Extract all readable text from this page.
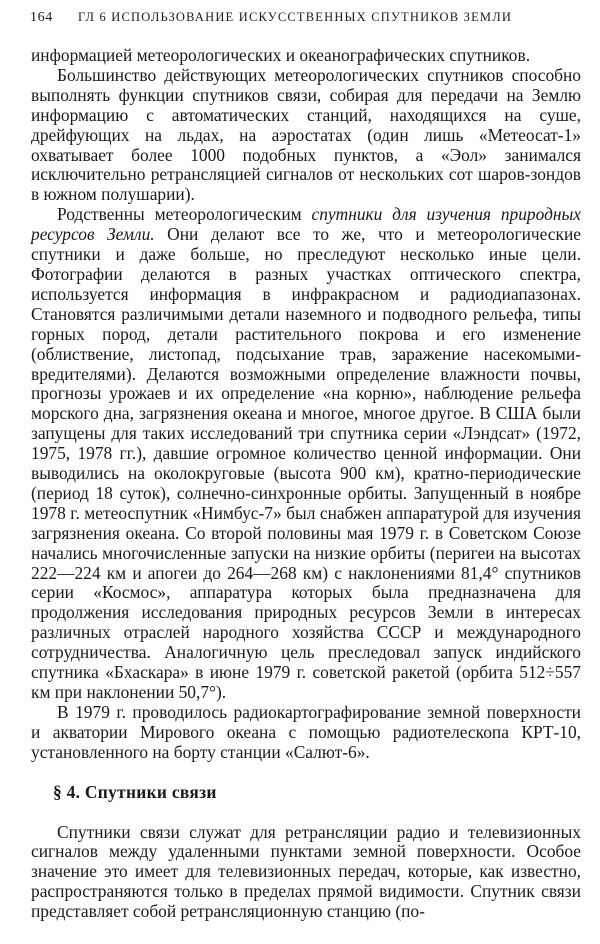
164 ГЛ 6 ИСПОЛЬЗОВАНИЕ ИСКУССТВЕННЫХ СПУТНИКОВ ЗЕМЛИ

информацией метеорологических и океанографических спутников.

Большинство действующих метеорологических спутников способно выполнять функции спутников связи, собирая для передачи на Землю информацию с автоматических станций, находящихся на суше, дрейфующих на льдах, на аэростатах (один лишь «Метеосат-1» охватывает более 1000 подобных пунктов, а «Эол» занимался исключительно ретрансляцией сигналов от нескольких сот шаров-зондов в южном полушарии).

Родственны метеорологическим спутники для изучения природных ресурсов Земли. Они делают все то же, что и метеорологические спутники и даже больше, но преследуют несколько иные цели. Фотографии делаются в разных участках оптического спектра, используется информация в инфракрасном и радиодиапазонах. Становятся различимыми детали наземного и подводного рельефа, типы горных пород, детали растительного покрова и его изменение (облиствение, листопад, подсыхание трав, заражение насекомыми-вредителями). Делаются возможными определение влажности почвы, прогнозы урожаев и их определение «на корню», наблюдение рельефа морского дна, загрязнения океана и многое, многое другое. В США были запущены для таких исследований три спутника серии «Лэндсат» (1972, 1975, 1978 гг.), давшие огромное количество ценной информации. Они выводились на околокруговые (высота 900 км), кратно-периодические (период 18 суток), солнечно-синхронные орбиты. Запущенный в ноябре 1978 г. метеоспутник «Нимбус-7» был снабжен аппаратурой для изучения загрязнения океана. Со второй половины мая 1979 г. в Советском Союзе начались многочисленные запуски на низкие орбиты (перигеи на высотах 222—224 км и апогеи до 264—268 км) с наклонениями 81,4° спутников серии «Космос», аппаратура которых была предназначена для продолжения исследования природных ресурсов Земли в интересах различных отраслей народного хозяйства СССР и международного сотрудничества. Аналогичную цель преследовал запуск индийского спутника «Бхаскара» в июне 1979 г. советской ракетой (орбита 512÷557 км при наклонении 50,7°).

В 1979 г. проводилось радиокартографирование земной поверхности и акватории Мирового океана с помощью радиотелескопа КРТ-10, установленного на борту станции «Салют-6».

§ 4. Спутники связи

Спутники связи служат для ретрансляции радио и телевизионных сигналов между удаленными пунктами земной поверхности. Особое значение это имеет для телевизионных передач, которые, как известно, распространяются только в пределах прямой видимости. Спутник связи представляет собой ретрансляционную станцию (по-
